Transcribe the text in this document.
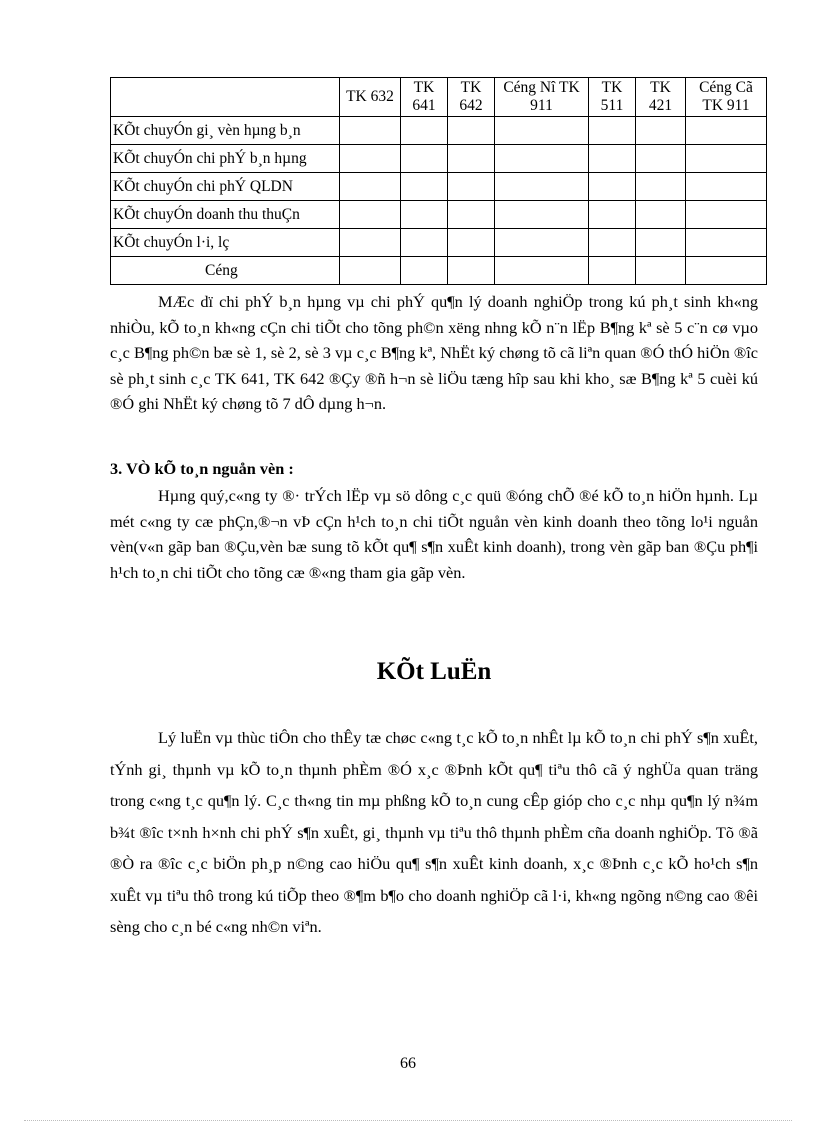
	TK 632	TK 641	TK 642	Céng Nî TK 911	TK 511	TK 421	Céng Cã TK 911
KÕt chuyÓn gi¸ vèn hµng b¸n							
KÕt chuyÓn chi phÝ b¸n hµng							
KÕt chuyÓn chi phÝ QLDN							
KÕt chuyÓn doanh thu thuÇn							
KÕt chuyÓn l·i, lç							
Céng							

MÆc dï chi phÝ b¸n hµng vµ chi phÝ qu¶n lý doanh nghiÖp trong kú ph¸t sinh kh«ng nhiÒu, kÕ to¸n kh«ng cÇn chi tiÕt cho tõng ph©n xëng nhng kÕ n¨n lËp B¶ng kª sè 5 c¨n cø vµo c¸c B¶ng ph©n bæ sè 1, sè 2, sè 3 vµ c¸c B¶ng kª, NhËt ký chøng tõ cã liªn quan ®Ó thÓ hiÖn ®îc sè ph¸t sinh c¸c TK 641, TK 642 ®Çy ®ñ h¬n sè liÖu tæng hîp sau khi kho¸ sæ B¶ng kª 5 cuèi kú ®Ó ghi NhËt ký chøng tõ 7 dÔ dµng h¬n.

3. VÒ kÕ to¸n nguån vèn :

Hµng quý,c«ng ty ®· trÝch lËp vµ sö dông c¸c quü ®óng chÕ ®é kÕ to¸n hiÖn hµnh. Lµ mét c«ng ty cæ phÇn,®¬n vÞ cÇn h¹ch to¸n chi tiÕt nguån vèn kinh doanh theo tõng lo¹i nguån vèn(v«n gãp ban ®Çu,vèn bæ sung tõ kÕt qu¶ s¶n xuÊt kinh doanh), trong vèn gãp ban ®Çu ph¶i h¹ch to¸n chi tiÕt cho tõng cæ ®«ng tham gia gãp vèn.

KÕt LuËn

Lý luËn vµ thùc tiÔn cho thÊy tæ chøc c«ng t¸c kÕ to¸n nhÊt lµ kÕ to¸n chi phÝ s¶n xuÊt, tÝnh gi¸ thµnh vµ kÕ to¸n thµnh phÈm ®Ó x¸c ®Þnh kÕt qu¶ tiªu thô cã ý nghÜa quan träng trong c«ng t¸c qu¶n lý. C¸c th«ng tin mµ phßng kÕ to¸n cung cÊp gióp cho c¸c nhµ qu¶n lý n¾m b¾t ®îc t×nh h×nh chi phÝ s¶n xuÊt, gi¸ thµnh vµ tiªu thô thµnh phÈm cña doanh nghiÖp. Tõ ®ã ®Ò ra ®îc c¸c biÖn ph¸p n©ng cao hiÖu qu¶ s¶n xuÊt kinh doanh, x¸c ®Þnh c¸c kÕ ho¹ch s¶n xuÊt vµ tiªu thô trong kú tiÕp theo ®¶m b¶o cho doanh nghiÖp cã l·i, kh«ng ngõng n©ng cao ®êi sèng cho c¸n bé c«ng nh©n viªn.

66
